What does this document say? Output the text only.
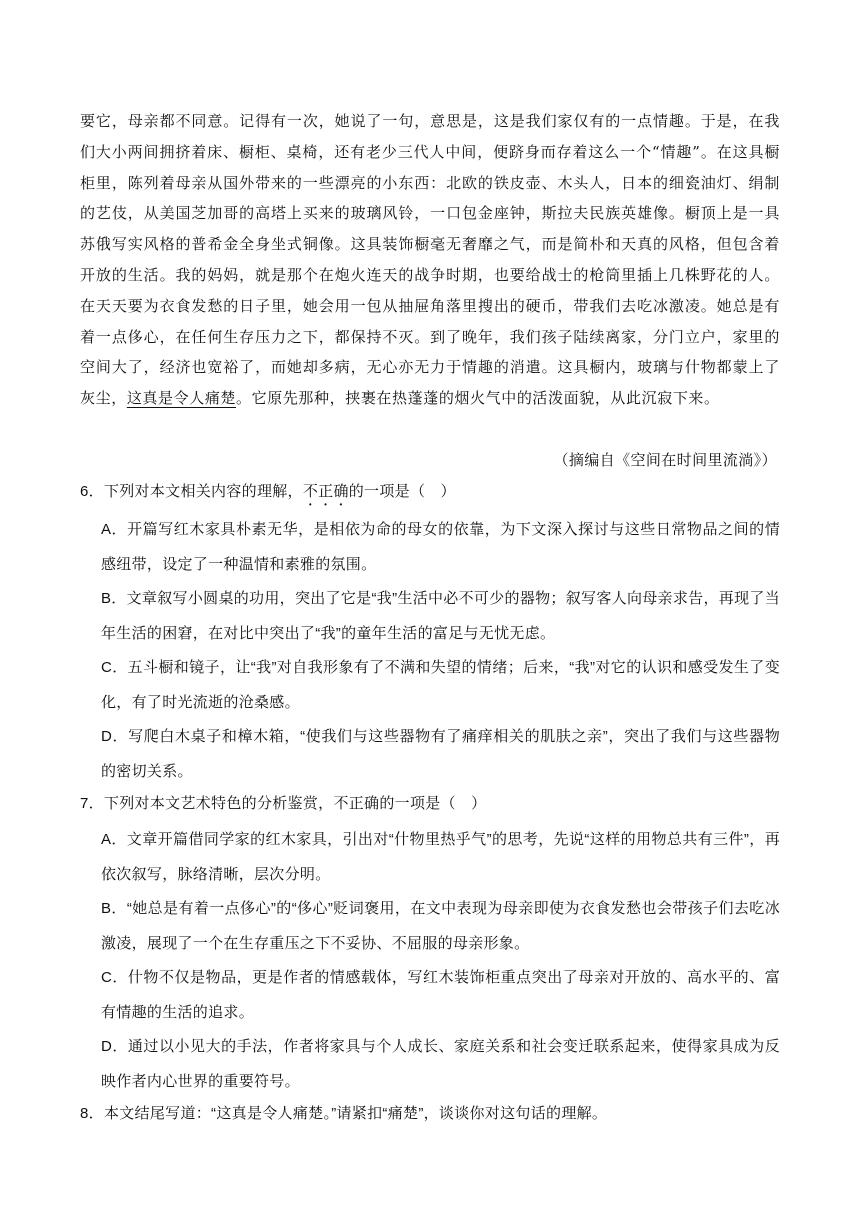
要它，母亲都不同意。记得有一次，她说了一句，意思是，这是我们家仅有的一点情趣。于是，在我们大小两间拥挤着床、橱柜、桌椅，还有老少三代人中间，便跻身而存着这么一个“情趣”。在这具橱柜里，陈列着母亲从国外带来的一些漂亮的小东西：北欧的铁皮壶、木头人，日本的细瓷油灯、绢制的艺伎，从美国芝加哥的高塔上买来的玻璃风铃，一口包金座钟，斯拉夫民族英雄像。橱顶上是一具苏俄写实风格的普希金全身坐式铜像。这具装饰橱毫无奢靡之气，而是简朴和天真的风格，但包含着开放的生活。我的妈妈，就是那个在炮火连天的战争时期，也要给战士的枪筒里插上几株野花的人。在天天要为衣食发愁的日子里，她会用一包从抽屉角落里搜出的硬币，带我们去吃冰激凌。她总是有着一点侈心，在任何生存压力之下，都保持不灭。到了晚年，我们孩子陆续离家，分门立户，家里的空间大了，经济也宽裕了，而她却多病，无心亦无力于情趣的消遣。这具橱内，玻璃与什物都蒙上了灰尘，这真是令人痛楚。它原先那种，挟裹在热蓬蓬的烟火气中的活泼面貌，从此沉寂下来。
（摘编自《空间在时间里流淌》）
6．下列对本文相关内容的理解，不正确的一项是（　）
A．开篇写红木家具朴素无华，是相依为命的母女的依靠，为下文深入探讨与这些日常物品之间的情感纽带，设定了一种温情和素雅的氛围。
B．文章叙写小圆桌的功用，突出了它是“我”生活中必不可少的器物；叙写客人向母亲求告，再现了当年生活的困窘，在对比中突出了“我”的童年生活的富足与无忧无虑。
C．五斗橱和镜子，让“我”对自我形象有了不满和失望的情绪；后来，“我”对它的认识和感受发生了变化，有了时光流逝的沧桑感。
D．写爬白木桌子和樟木箱，“使我们与这些器物有了痛痒相关的肌肤之亲”，突出了我们与这些器物的密切关系。
7．下列对本文艺术特色的分析鉴赏，不正确的一项是（　）
A．文章开篇借同学家的红木家具，引出对“什物里热乎气”的思考，先说“这样的用物总共有三件”，再依次叙写，脉络清晰，层次分明。
B．“她总是有着一点侈心”的“侈心”贬词褒用，在文中表现为母亲即使为衣食发愁也会带孩子们去吃冰激凌，展现了一个在生存重压之下不妥协、不屈服的母亲形象。
C．什物不仅是物品，更是作者的情感载体，写红木装饰柜重点突出了母亲对开放的、高水平的、富有情趣的生活的追求。
D．通过以小见大的手法，作者将家具与个人成长、家庭关系和社会变迁联系起来，使得家具成为反映作者内心世界的重要符号。
8．本文结尾写道：“这真是令人痛楚。”请紧扣“痛楚”，谈谈你对这句话的理解。
